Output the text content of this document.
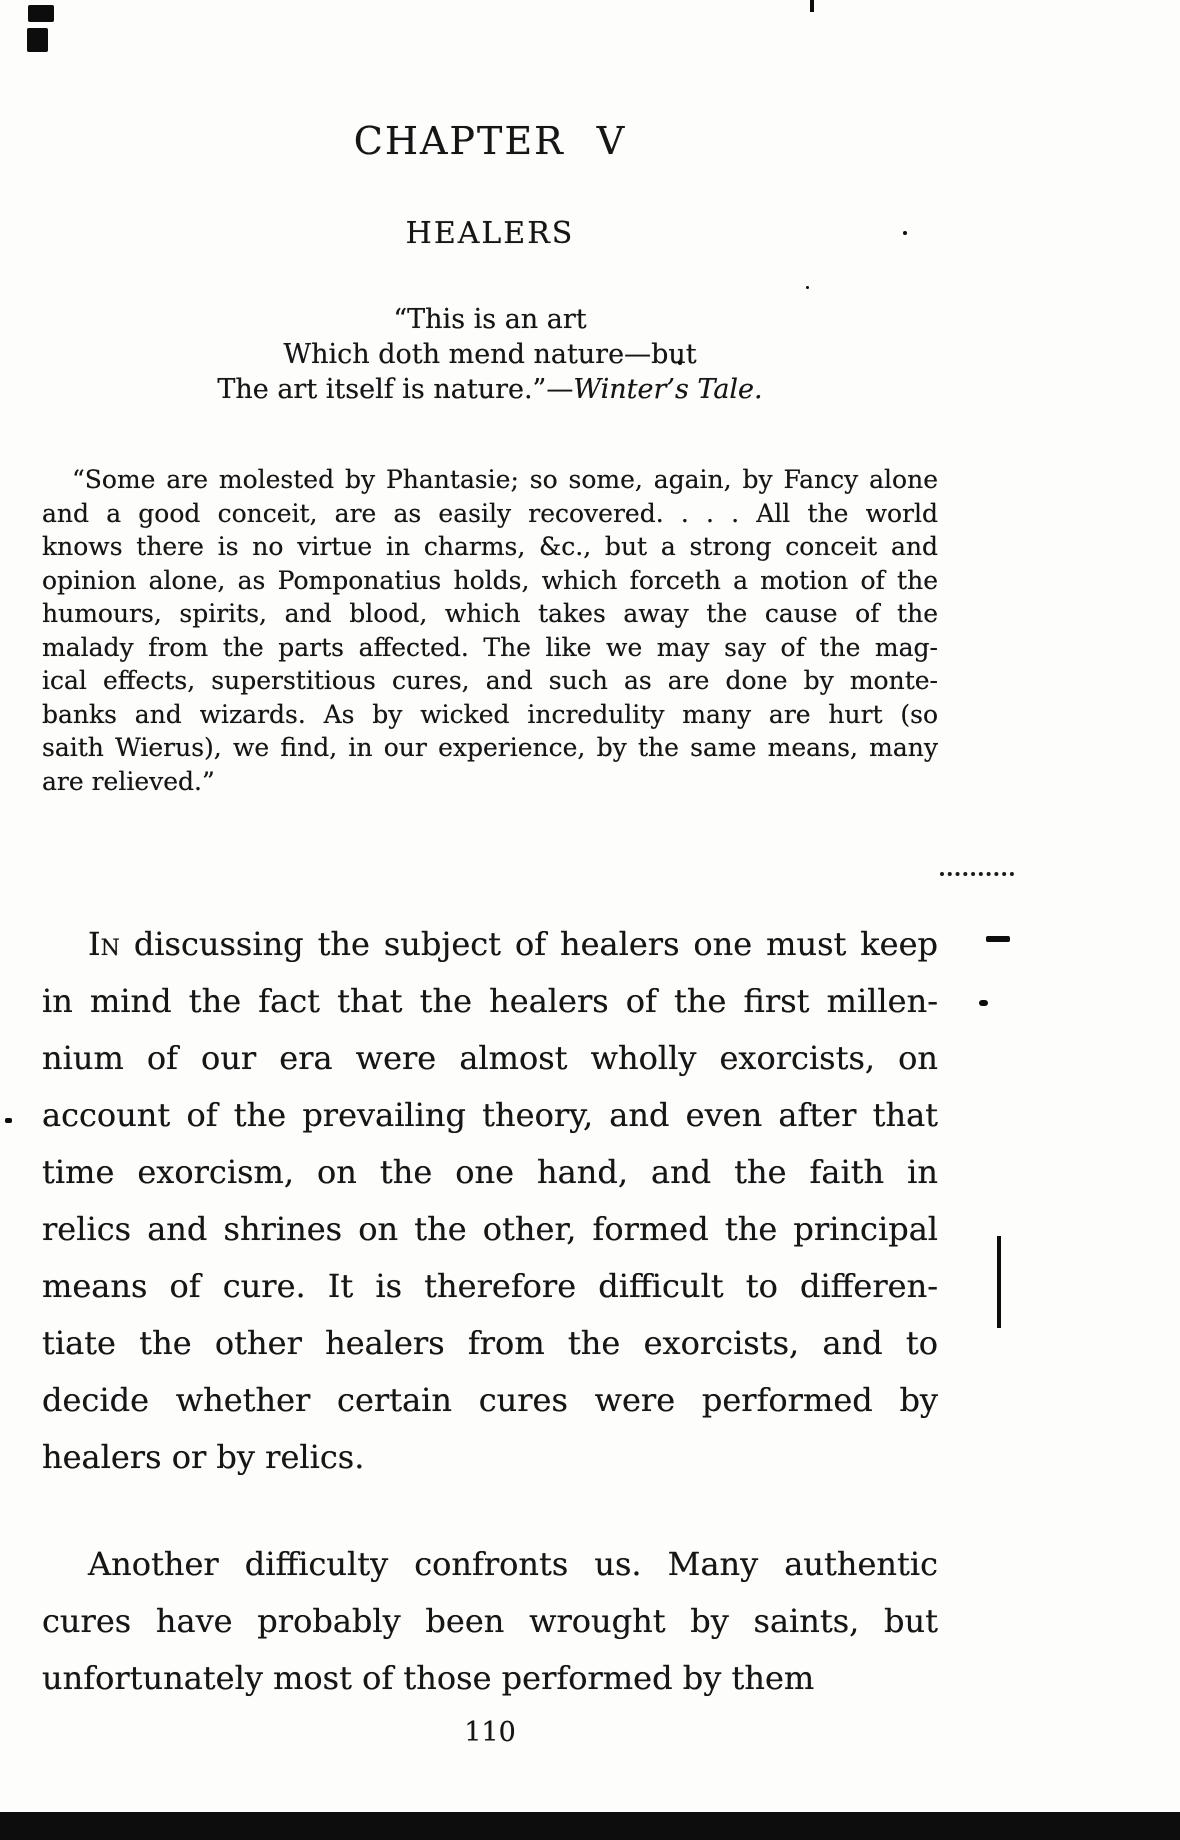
CHAPTER V
HEALERS
“This is an art
Which doth mend nature—but
The art itself is nature.”—Winter’s Tale.
“Some are molested by Phantasie; so some, again, by Fancy alone
and a good conceit, are as easily recovered. . . . All the world
knows there is no virtue in charms, &c., but a strong conceit and
opinion alone, as Pomponatius holds, which forceth a motion of the
humours, spirits, and blood, which takes away the cause of the
malady from the parts affected. The like we may say of the mag-
ical effects, superstitious cures, and such as are done by monte-
banks and wizards. As by wicked incredulity many are hurt (so
saith Wierus), we find, in our experience, by the same means, many
are relieved.”
In discussing the subject of healers one must keep
in mind the fact that the healers of the first millen-
nium of our era were almost wholly exorcists, on
account of the prevailing theory, and even after that
time exorcism, on the one hand, and the faith in
relics and shrines on the other, formed the principal
means of cure. It is therefore difficult to differen-
tiate the other healers from the exorcists, and to
decide whether certain cures were performed by
healers or by relics.
Another difficulty confronts us. Many authentic
cures have probably been wrought by saints, but
unfortunately most of those performed by them
110
